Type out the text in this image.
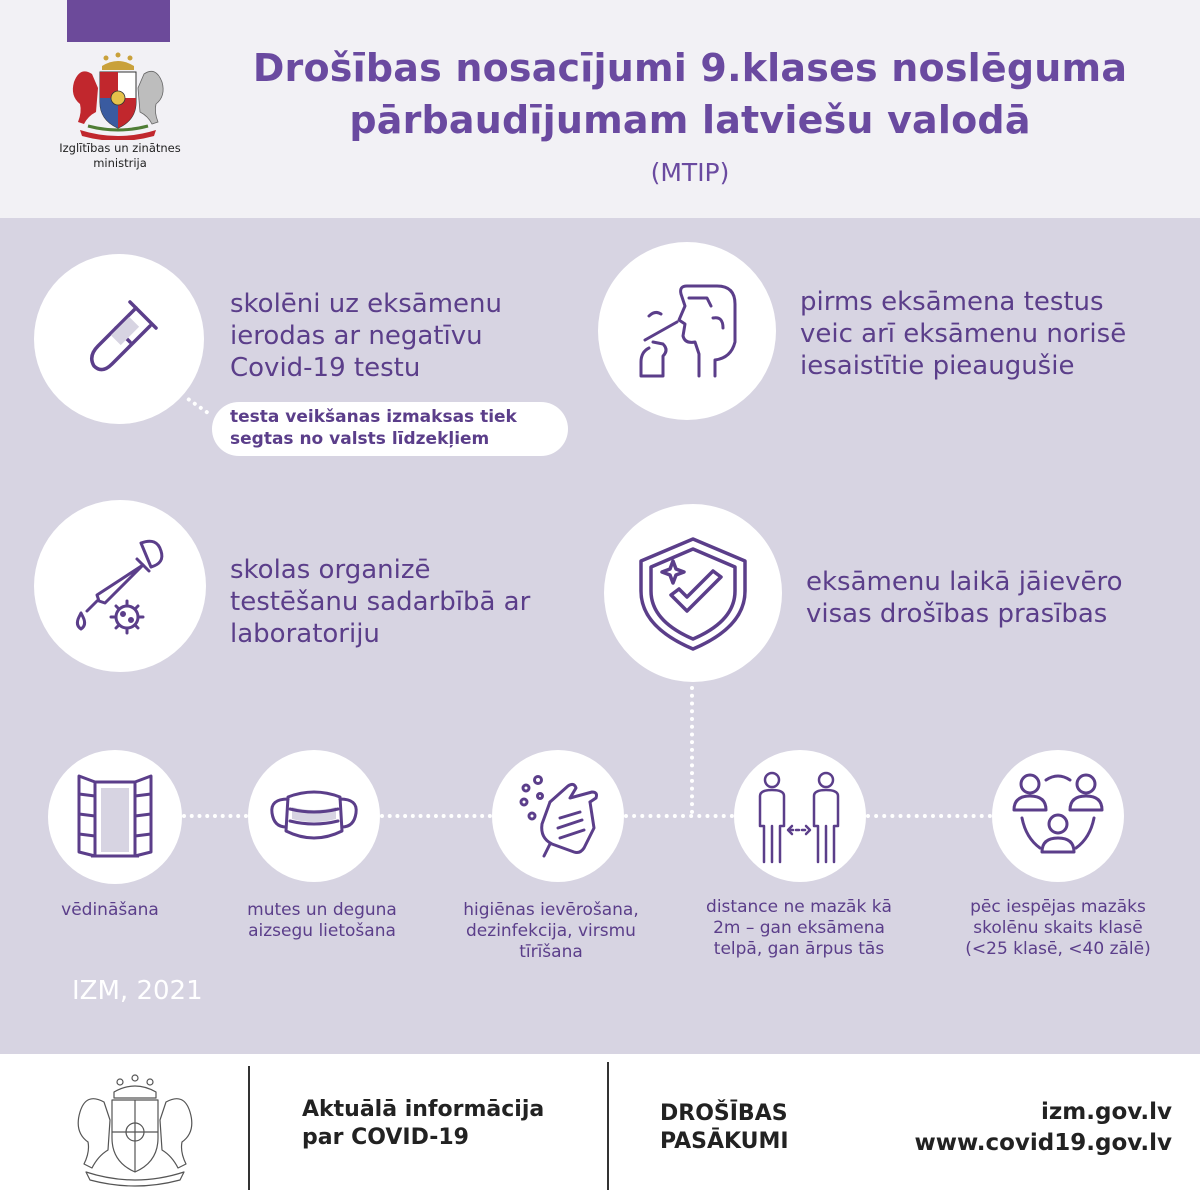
Izglītības un zinātnes
ministrija
Drošības nosacījumi 9.klases noslēguma
pārbaudījumam latviešu valodā
(MTIP)
skolēni uz eksāmenu
ierodas ar negatīvu
Covid-19 testu
testa veikšanas izmaksas tiek
segtas no valsts līdzekļiem
pirms eksāmena testus
veic arī eksāmenu norisē
iesaistītie pieaugušie
skolas organizē
testēšanu sadarbībā ar
laboratoriju
eksāmenu laikā jāievēro
visas drošības prasības
vēdināšana	mutes un deguna
aizsegu lietošana
higiēnas ievērošana,
dezinfekcija, virsmu
tīrīšana
distance ne mazāk kā
2m – gan eksāmena
telpā, gan ārpus tās
pēc iespējas mazāks
skolēnu skaits klasē
(<25 klasē, <40 zālē)
IZM, 2021
Aktuālā informācija
par COVID-19
DROŠĪBAS
PASĀKUMI
izm.gov.lv
www.covid19.gov.lv
